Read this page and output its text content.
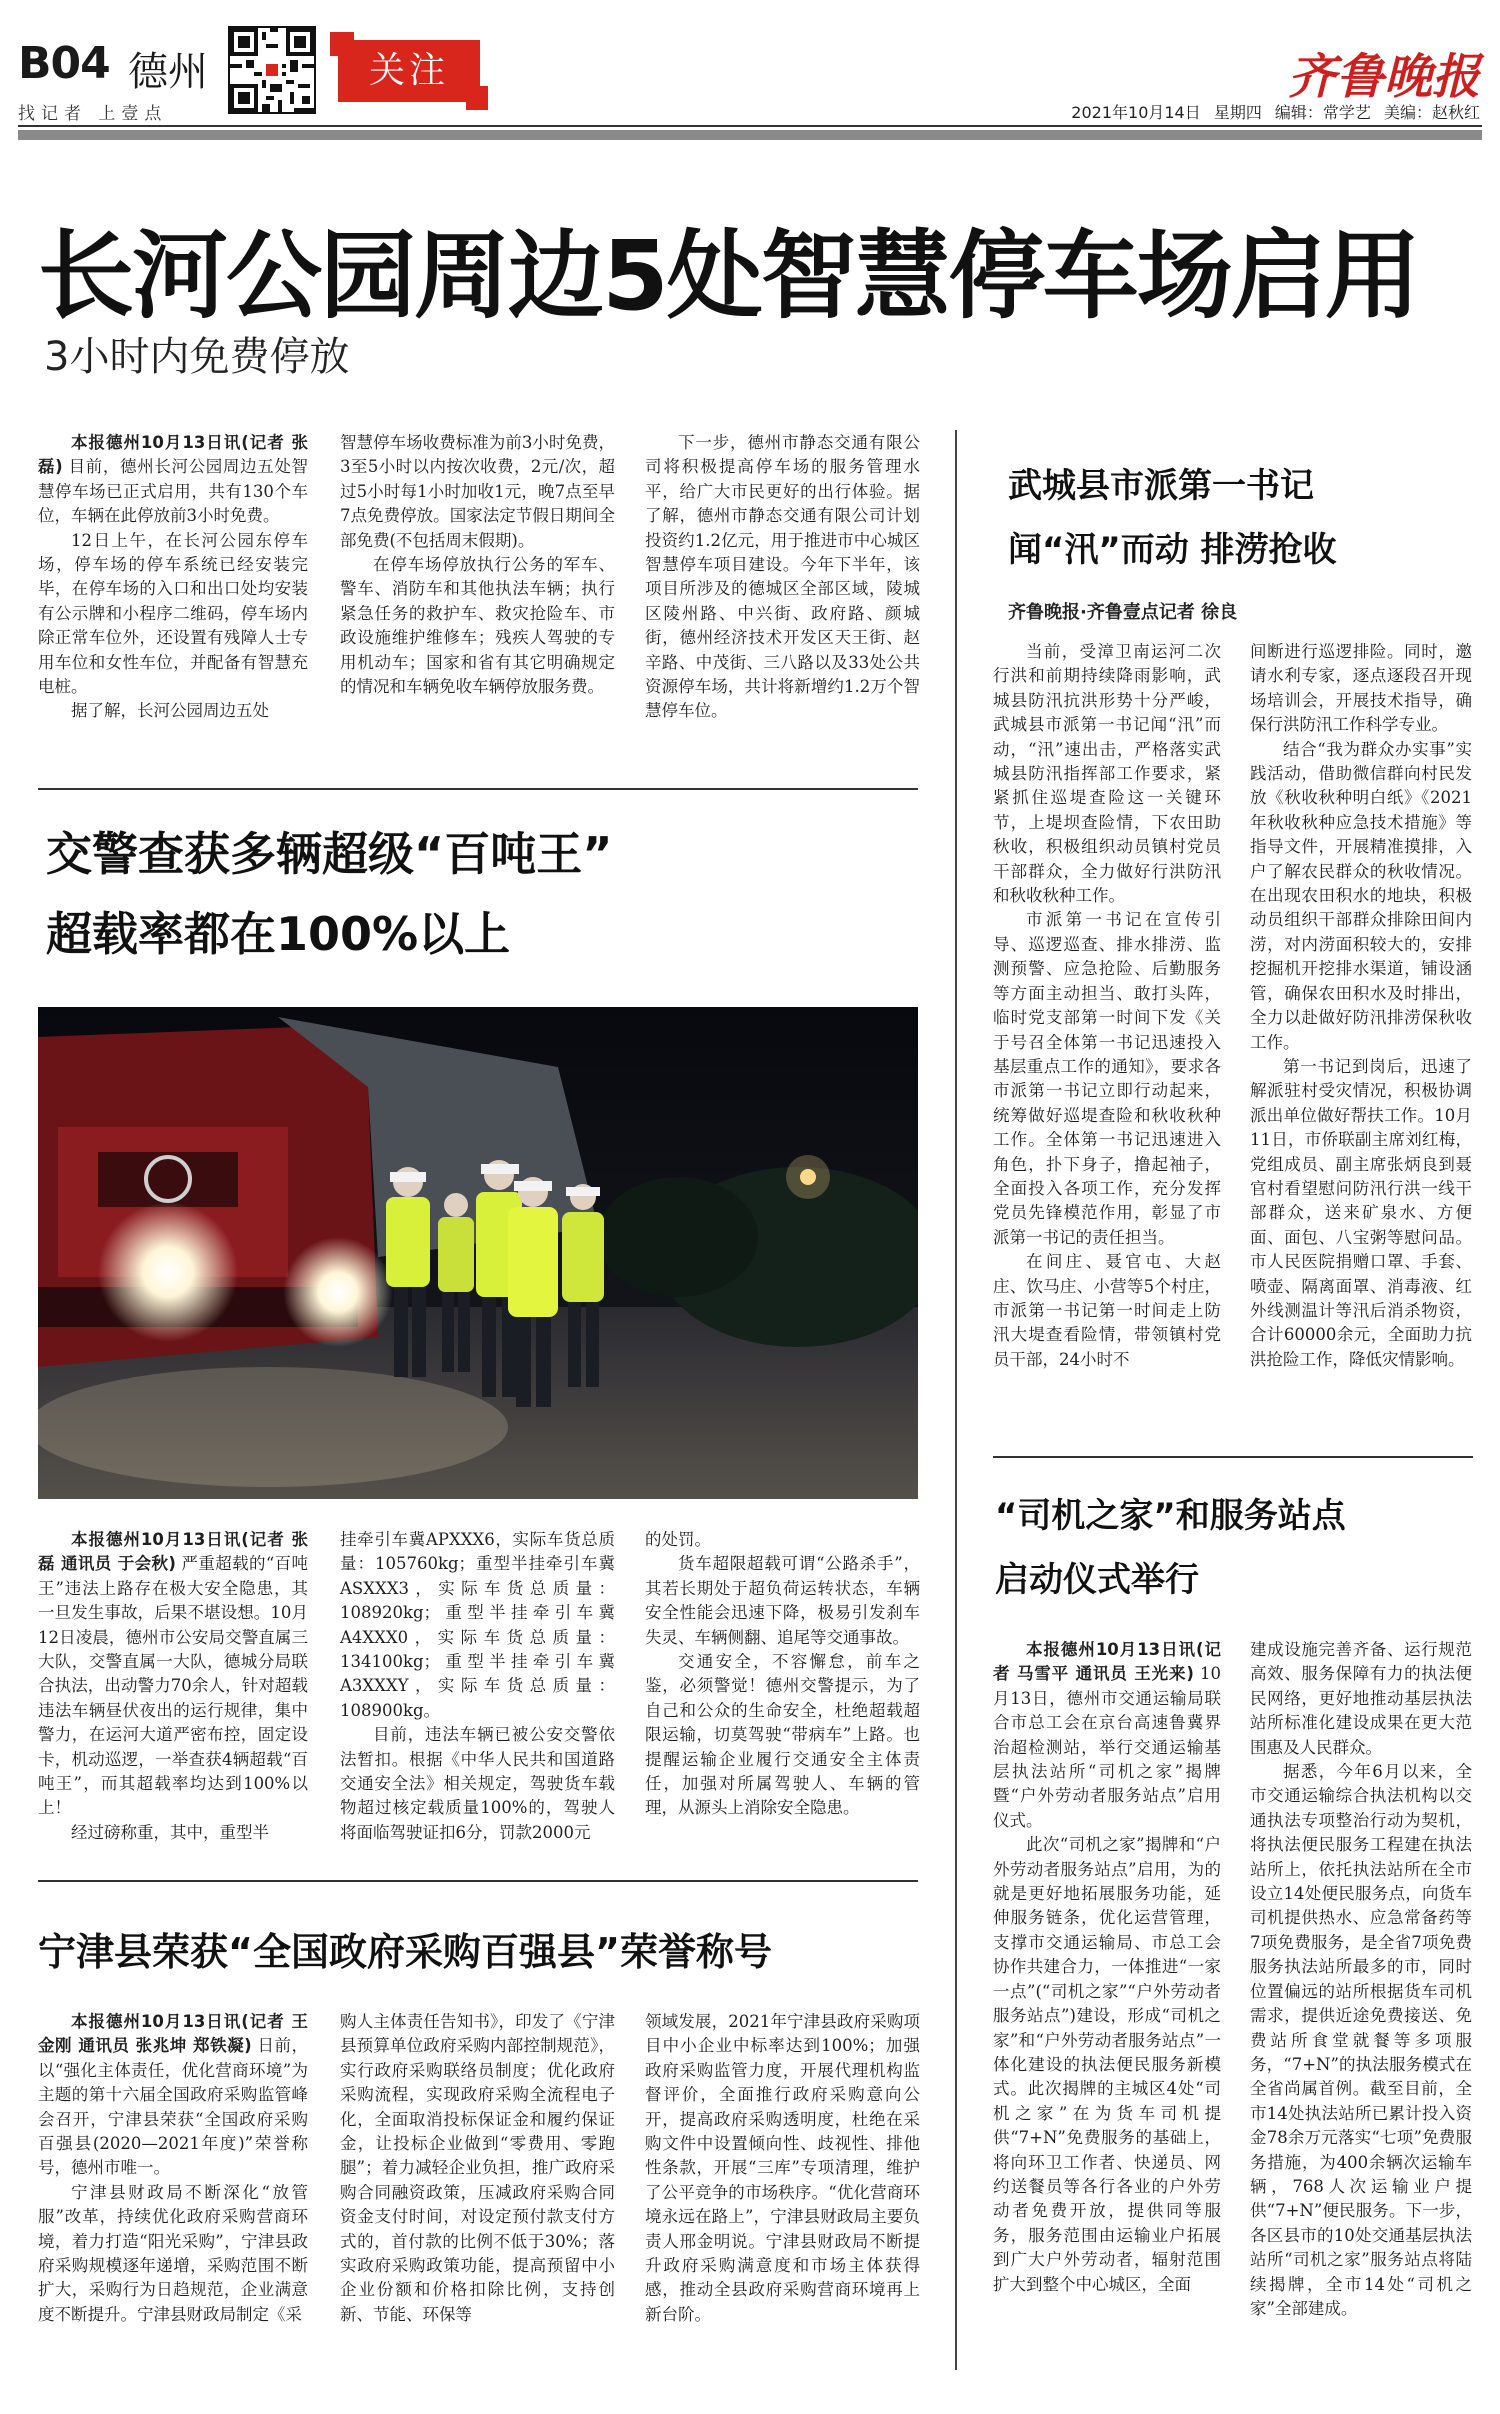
B04 德州
找记者 上壹点
关注	齐鲁晚报
2021年10月14日 星期四 编辑：常学艺 美编：赵秋红
长河公园周边5处智慧停车场启用
3小时内免费停放

本报德州10月13日讯(记者 张磊) 目前，德州长河公园周边五处智慧停车场已正式启用，共有130个车位，车辆在此停放前3小时免费。

12日上午，在长河公园东停车场，停车场的停车系统已经安装完毕，在停车场的入口和出口处均安装有公示牌和小程序二维码，停车场内除正常车位外，还设置有残障人士专用车位和女性车位，并配备有智慧充电桩。

据了解，长河公园周边五处

智慧停车场收费标准为前3小时免费，3至5小时以内按次收费，2元/次，超过5小时每1小时加收1元，晚7点至早7点免费停放。国家法定节假日期间全部免费(不包括周末假期)。

在停车场停放执行公务的军车、警车、消防车和其他执法车辆；执行紧急任务的救护车、救灾抢险车、市政设施维护维修车；残疾人驾驶的专用机动车；国家和省有其它明确规定的情况和车辆免收车辆停放服务费。

下一步，德州市静态交通有限公司将积极提高停车场的服务管理水平，给广大市民更好的出行体验。据了解，德州市静态交通有限公司计划投资约1.2亿元，用于推进市中心城区智慧停车项目建设。今年下半年，该项目所涉及的德城区全部区域，陵城区陵州路、中兴街、政府路、颜城街，德州经济技术开发区天王街、赵辛路、中茂街、三八路以及33处公共资源停车场，共计将新增约1.2万个智慧停车位。

交警查获多辆超级“百吨王”
超载率都在100%以上

本报德州10月13日讯(记者 张磊 通讯员 于会秋) 严重超载的“百吨王”违法上路存在极大安全隐患，其一旦发生事故，后果不堪设想。10月12日凌晨，德州市公安局交警直属三大队，交警直属一大队，德城分局联合执法，出动警力70余人，针对超载违法车辆昼伏夜出的运行规律，集中警力，在运河大道严密布控，固定设卡，机动巡逻，一举查获4辆超载“百吨王”，而其超载率均达到100%以上！

经过磅称重，其中，重型半

挂牵引车冀APXXX6，实际车货总质量：105760kg；重型半挂牵引车冀ASXXX3，实际车货总质量：108920kg；重型半挂牵引车冀A4XXX0，实际车货总质量：134100kg；重型半挂牵引车冀A3XXXY，实际车货总质量：108900kg。

目前，违法车辆已被公安交警依法暂扣。根据《中华人民共和国道路交通安全法》相关规定，驾驶货车载物超过核定载质量100%的，驾驶人将面临驾驶证扣6分，罚款2000元

的处罚。

货车超限超载可谓“公路杀手”，其若长期处于超负荷运转状态，车辆安全性能会迅速下降，极易引发刹车失灵、车辆侧翻、追尾等交通事故。

交通安全，不容懈怠，前车之鉴，必须警觉！德州交警提示，为了自己和公众的生命安全，杜绝超载超限运输，切莫驾驶“带病车”上路。也提醒运输企业履行交通安全主体责任，加强对所属驾驶人、车辆的管理，从源头上消除安全隐患。

宁津县荣获“全国政府采购百强县”荣誉称号

本报德州10月13日讯(记者 王金刚 通讯员 张兆坤 郑铁凝) 日前，以“强化主体责任，优化营商环境”为主题的第十六届全国政府采购监管峰会召开，宁津县荣获“全国政府采购百强县(2020—2021年度)”荣誉称号，德州市唯一。

宁津县财政局不断深化“放管服”改革，持续优化政府采购营商环境，着力打造“阳光采购”，宁津县政府采购规模逐年递增，采购范围不断扩大，采购行为日趋规范，企业满意度不断提升。宁津县财政局制定《采

购人主体责任告知书》，印发了《宁津县预算单位政府采购内部控制规范》，实行政府采购联络员制度；优化政府采购流程，实现政府采购全流程电子化，全面取消投标保证金和履约保证金，让投标企业做到“零费用、零跑腿”；着力减轻企业负担，推广政府采购合同融资政策，压减政府采购合同资金支付时间，对设定预付款支付方式的，首付款的比例不低于30%；落实政府采购政策功能，提高预留中小企业份额和价格扣除比例，支持创新、节能、环保等

领域发展，2021年宁津县政府采购项目中小企业中标率达到100%；加强政府采购监管力度，开展代理机构监督评价，全面推行政府采购意向公开，提高政府采购透明度，杜绝在采购文件中设置倾向性、歧视性、排他性条款，开展“三库”专项清理，维护了公平竞争的市场秩序。“优化营商环境永远在路上”，宁津县财政局主要负责人邢金明说。宁津县财政局不断提升政府采购满意度和市场主体获得感，推动全县政府采购营商环境再上新台阶。

武城县市派第一书记
闻“汛”而动 排涝抢收
齐鲁晚报·齐鲁壹点记者 徐良

当前，受漳卫南运河二次行洪和前期持续降雨影响，武城县防汛抗洪形势十分严峻，武城县市派第一书记闻“汛”而动，“汛”速出击，严格落实武城县防汛指挥部工作要求，紧紧抓住巡堤查险这一关键环节，上堤坝查险情，下农田助秋收，积极组织动员镇村党员干部群众，全力做好行洪防汛和秋收秋种工作。

市派第一书记在宣传引导、巡逻巡查、排水排涝、监测预警、应急抢险、后勤服务等方面主动担当、敢打头阵，临时党支部第一时间下发《关于号召全体第一书记迅速投入基层重点工作的通知》，要求各市派第一书记立即行动起来，统筹做好巡堤查险和秋收秋种工作。全体第一书记迅速进入角色，扑下身子，撸起袖子，全面投入各项工作，充分发挥党员先锋模范作用，彰显了市派第一书记的责任担当。

在间庄、聂官屯、大赵庄、饮马庄、小营等5个村庄，市派第一书记第一时间走上防汛大堤查看险情，带领镇村党员干部，24小时不

间断进行巡逻排险。同时，邀请水利专家，逐点逐段召开现场培训会，开展技术指导，确保行洪防汛工作科学专业。

结合“我为群众办实事”实践活动，借助微信群向村民发放《秋收秋种明白纸》《2021年秋收秋种应急技术措施》等指导文件，开展精准摸排，入户了解农民群众的秋收情况。在出现农田积水的地块，积极动员组织干部群众排除田间内涝，对内涝面积较大的，安排挖掘机开挖排水渠道，铺设涵管，确保农田积水及时排出，全力以赴做好防汛排涝保秋收工作。

第一书记到岗后，迅速了解派驻村受灾情况，积极协调派出单位做好帮扶工作。10月11日，市侨联副主席刘红梅，党组成员、副主席张炳良到聂官村看望慰问防汛行洪一线干部群众，送来矿泉水、方便面、面包、八宝粥等慰问品。市人民医院捐赠口罩、手套、喷壶、隔离面罩、消毒液、红外线测温计等汛后消杀物资，合计60000余元，全面助力抗洪抢险工作，降低灾情影响。

“司机之家”和服务站点
启动仪式举行

本报德州10月13日讯(记者 马雪平 通讯员 王光来) 10月13日，德州市交通运输局联合市总工会在京台高速鲁冀界治超检测站，举行交通运输基层执法站所“司机之家”揭牌暨“户外劳动者服务站点”启用仪式。

此次“司机之家”揭牌和“户外劳动者服务站点”启用，为的就是更好地拓展服务功能，延伸服务链条，优化运营管理，支撑市交通运输局、市总工会协作共建合力，一体推进“一家一点”(“司机之家”“户外劳动者服务站点”)建设，形成“司机之家”和“户外劳动者服务站点”一体化建设的执法便民服务新模式。此次揭牌的主城区4处“司机之家”在为货车司机提供“7+N”免费服务的基础上，将向环卫工作者、快递员、网约送餐员等各行各业的户外劳动者免费开放，提供同等服务，服务范围由运输业户拓展到广大户外劳动者，辐射范围扩大到整个中心城区，全面

建成设施完善齐备、运行规范高效、服务保障有力的执法便民网络，更好地推动基层执法站所标准化建设成果在更大范围惠及人民群众。

据悉，今年6月以来，全市交通运输综合执法机构以交通执法专项整治行动为契机，将执法便民服务工程建在执法站所上，依托执法站所在全市设立14处便民服务点，向货车司机提供热水、应急常备药等7项免费服务，是全省7项免费服务执法站所最多的市，同时位置偏远的站所根据货车司机需求，提供近途免费接送、免费站所食堂就餐等多项服务，“7+N”的执法服务模式在全省尚属首例。截至目前，全市14处执法站所已累计投入资金78余万元落实“七项”免费服务措施，为400余辆次运输车辆，768人次运输业户提供“7+N”便民服务。下一步，各区县市的10处交通基层执法站所“司机之家”服务站点将陆续揭牌，全市14处“司机之家”全部建成。
